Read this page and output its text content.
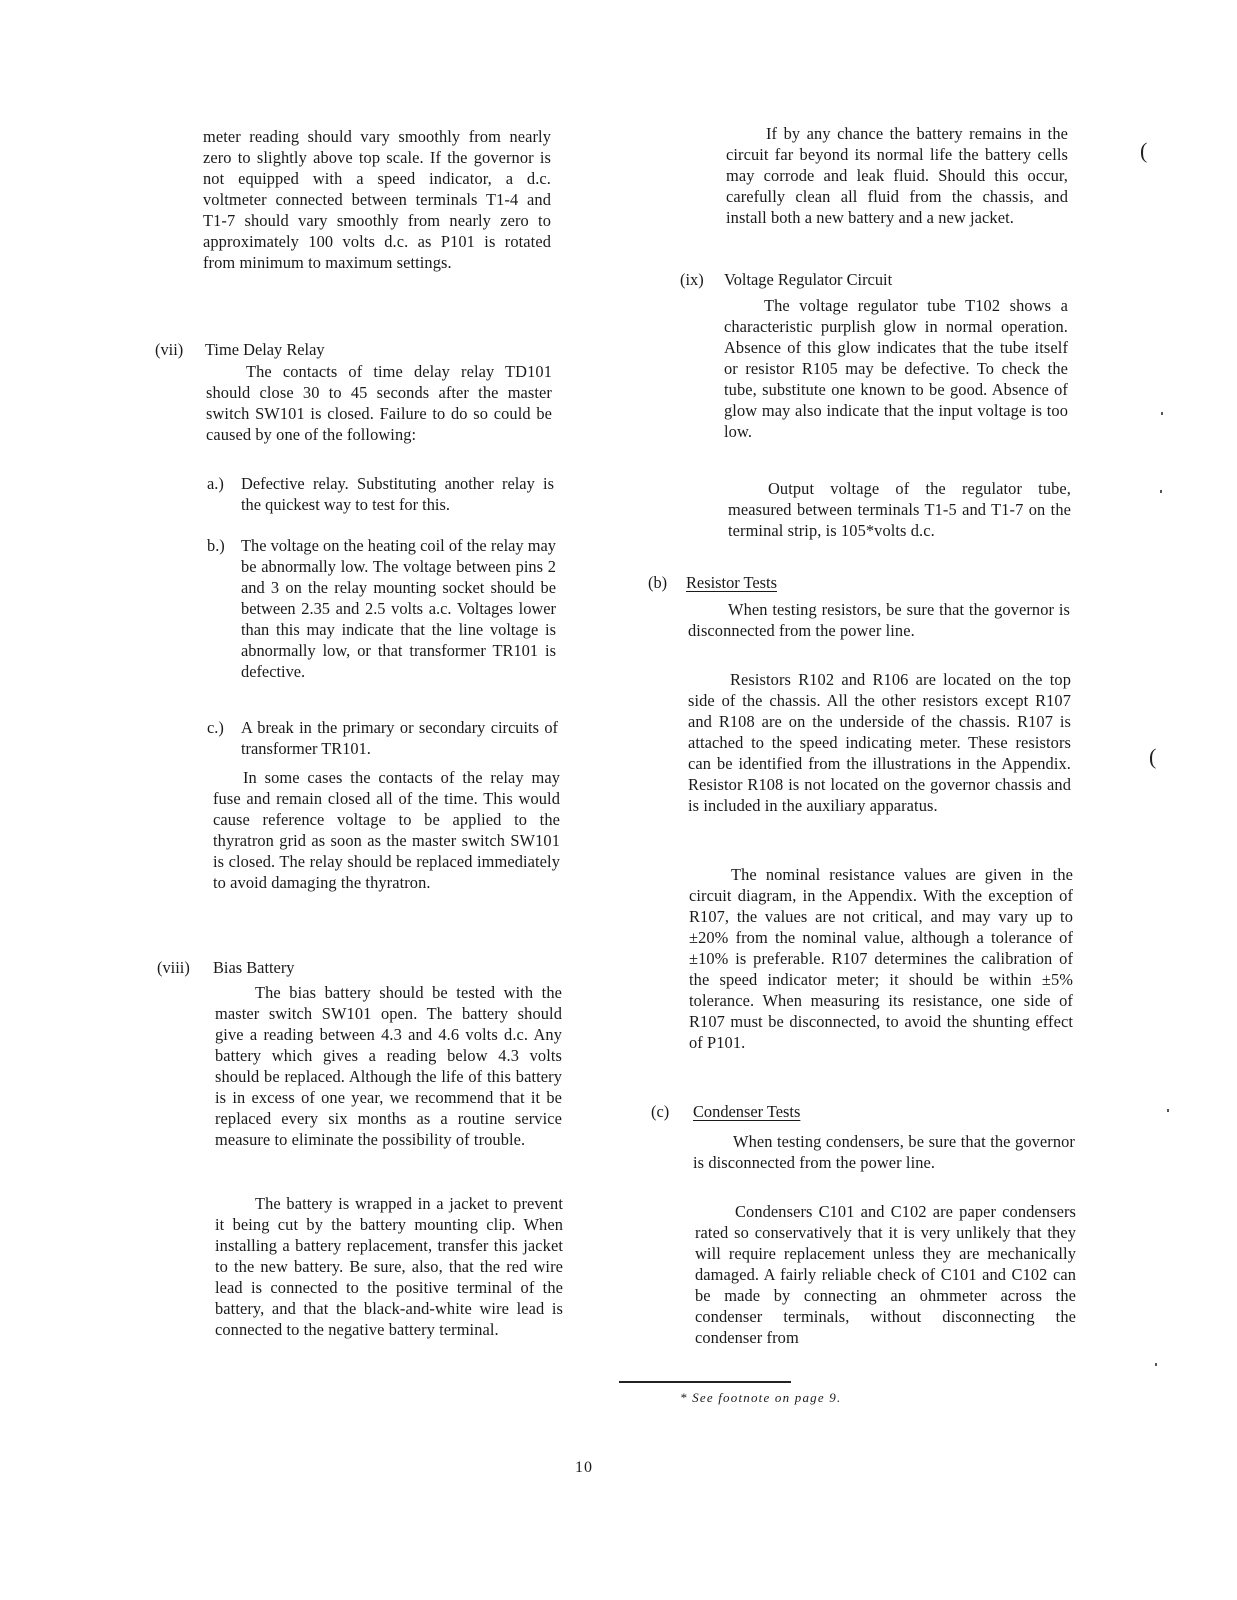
meter reading should vary smoothly from nearly zero to slightly above top scale. If the governor is not equipped with a speed indicator, a d.c. voltmeter connected between terminals T1-4 and T1-7 should vary smoothly from nearly zero to approximately 100 volts d.c. as P101 is rotated from minimum to maximum settings.

(vii) Time Delay Relay

The contacts of time delay relay TD101 should close 30 to 45 seconds after the master switch SW101 is closed. Failure to do so could be caused by one of the following:

a.) Defective relay. Substituting another relay is the quickest way to test for this.
b.) The voltage on the heating coil of the relay may be abnormally low. The voltage between pins 2 and 3 on the relay mounting socket should be between 2.35 and 2.5 volts a.c. Voltages lower than this may indicate that the line voltage is abnormally low, or that transformer TR101 is defective.
c.) A break in the primary or secondary circuits of transformer TR101.

In some cases the contacts of the relay may fuse and remain closed all of the time. This would cause reference voltage to be applied to the thyratron grid as soon as the master switch SW101 is closed. The relay should be replaced immediately to avoid damaging the thyratron.

(viii) Bias Battery

The bias battery should be tested with the master switch SW101 open. The battery should give a reading between 4.3 and 4.6 volts d.c. Any battery which gives a reading below 4.3 volts should be replaced. Although the life of this battery is in excess of one year, we recommend that it be replaced every six months as a routine service measure to eliminate the possibility of trouble.

The battery is wrapped in a jacket to prevent it being cut by the battery mounting clip. When installing a battery replacement, transfer this jacket to the new battery. Be sure, also, that the red wire lead is connected to the positive terminal of the battery, and that the black-and-white wire lead is connected to the negative battery terminal.

If by any chance the battery remains in the circuit far beyond its normal life the battery cells may corrode and leak fluid. Should this occur, carefully clean all fluid from the chassis, and install both a new battery and a new jacket.

(ix) Voltage Regulator Circuit

The voltage regulator tube T102 shows a characteristic purplish glow in normal operation. Absence of this glow indicates that the tube itself or resistor R105 may be defective. To check the tube, substitute one known to be good. Absence of glow may also indicate that the input voltage is too low.

Output voltage of the regulator tube, measured between terminals T1-5 and T1-7 on the terminal strip, is 105*volts d.c.

(b) Resistor Tests

When testing resistors, be sure that the governor is disconnected from the power line.

Resistors R102 and R106 are located on the top side of the chassis. All the other resistors except R107 and R108 are on the underside of the chassis. R107 is attached to the speed indicating meter. These resistors can be identified from the illustrations in the Appendix. Resistor R108 is not located on the governor chassis and is included in the auxiliary apparatus.

The nominal resistance values are given in the circuit diagram, in the Appendix. With the exception of R107, the values are not critical, and may vary up to ±20% from the nominal value, although a tolerance of ±10% is preferable. R107 determines the calibration of the speed indicator meter; it should be within ±5% tolerance. When measuring its resistance, one side of R107 must be disconnected, to avoid the shunting effect of P101.

(c) Condenser Tests

When testing condensers, be sure that the governor is disconnected from the power line.

Condensers C101 and C102 are paper condensers rated so conservatively that it is very unlikely that they will require replacement unless they are mechanically damaged. A fairly reliable check of C101 and C102 can be made by connecting an ohmmeter across the condenser terminals, without disconnecting the condenser from

* See footnote on page 9.
10
(
(
